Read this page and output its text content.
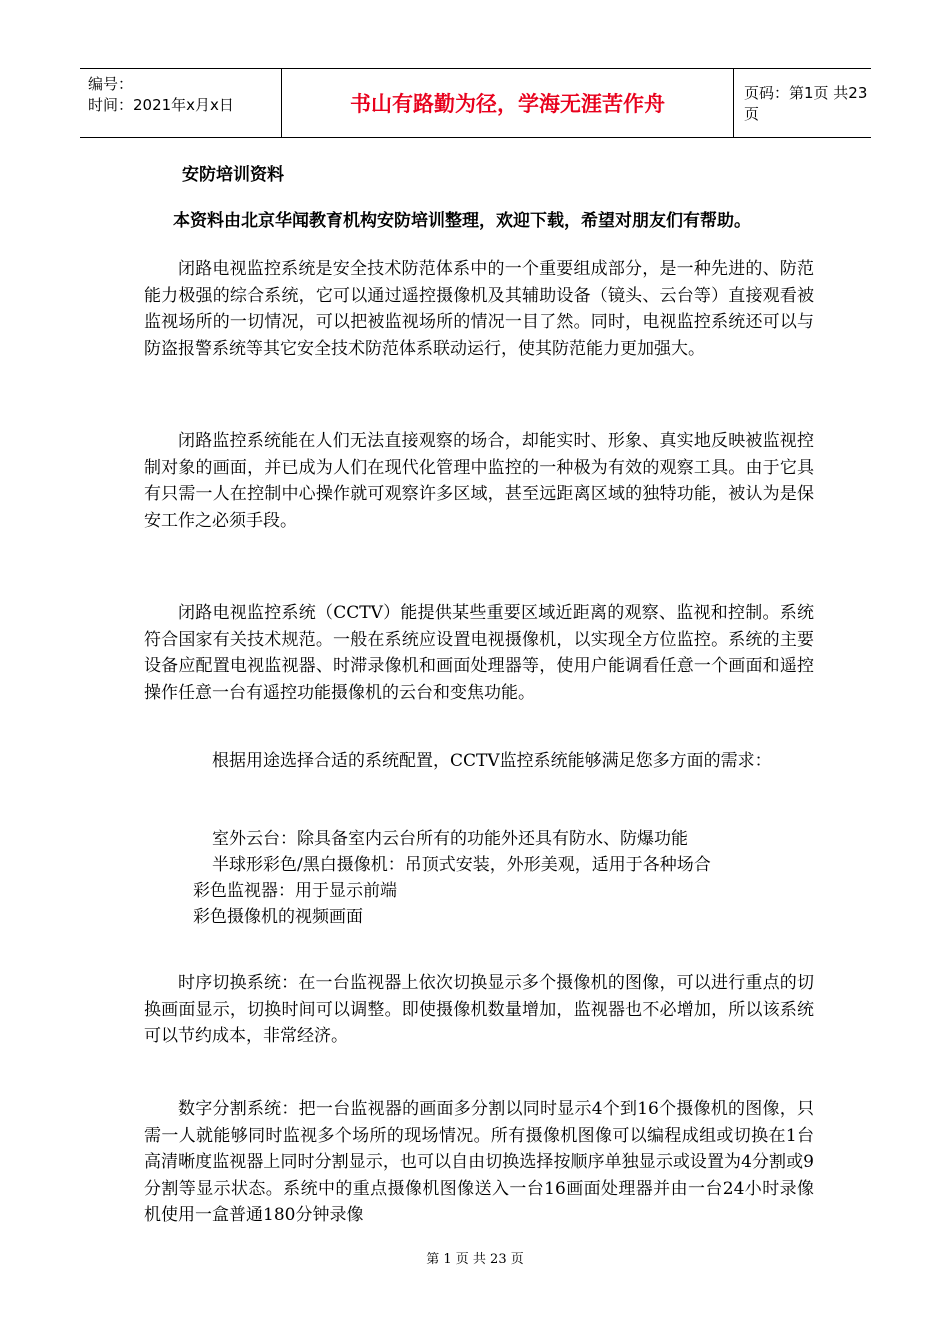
编号：
时间：2021年x月x日	书山有路勤为径，学海无涯苦作舟	页码：第1页 共23页
安防培训资料
本资料由北京华闻教育机构安防培训整理，欢迎下载，希望对朋友们有帮助。

闭路电视监控系统是安全技术防范体系中的一个重要组成部分，是一种先进的、防范能力极强的综合系统，它可以通过遥控摄像机及其辅助设备（镜头、云台等）直接观看被监视场所的一切情况，可以把被监视场所的情况一目了然。同时，电视监控系统还可以与防盗报警系统等其它安全技术防范体系联动运行，使其防范能力更加强大。

闭路监控系统能在人们无法直接观察的场合，却能实时、形象、真实地反映被监视控制对象的画面，并已成为人们在现代化管理中监控的一种极为有效的观察工具。由于它具有只需一人在控制中心操作就可观察许多区域，甚至远距离区域的独特功能，被认为是保安工作之必须手段。

闭路电视监控系统（CCTV）能提供某些重要区域近距离的观察、监视和控制。系统符合国家有关技术规范。一般在系统应设置电视摄像机，以实现全方位监控。系统的主要设备应配置电视监视器、时滞录像机和画面处理器等，使用户能调看任意一个画面和遥控操作任意一台有遥控功能摄像机的云台和变焦功能。

根据用途选择合适的系统配置，CCTV监控系统能够满足您多方面的需求：

室外云台：除具备室内云台所有的功能外还具有防水、防爆功能

半球形彩色/黑白摄像机：吊顶式安装，外形美观，适用于各种场合

彩色监视器：用于显示前端

彩色摄像机的视频画面

时序切换系统：在一台监视器上依次切换显示多个摄像机的图像，可以进行重点的切换画面显示，切换时间可以调整。即使摄像机数量增加，监视器也不必增加，所以该系统可以节约成本，非常经济。

数字分割系统：把一台监视器的画面多分割以同时显示4个到16个摄像机的图像，只需一人就能够同时监视多个场所的现场情况。所有摄像机图像可以编程成组或切换在1台高清晰度监视器上同时分割显示，也可以自由切换选择按顺序单独显示或设置为4分割或9分割等显示状态。系统中的重点摄像机图像送入一台16画面处理器并由一台24小时录像机使用一盒普通180分钟录像

第 1 页 共 23 页
